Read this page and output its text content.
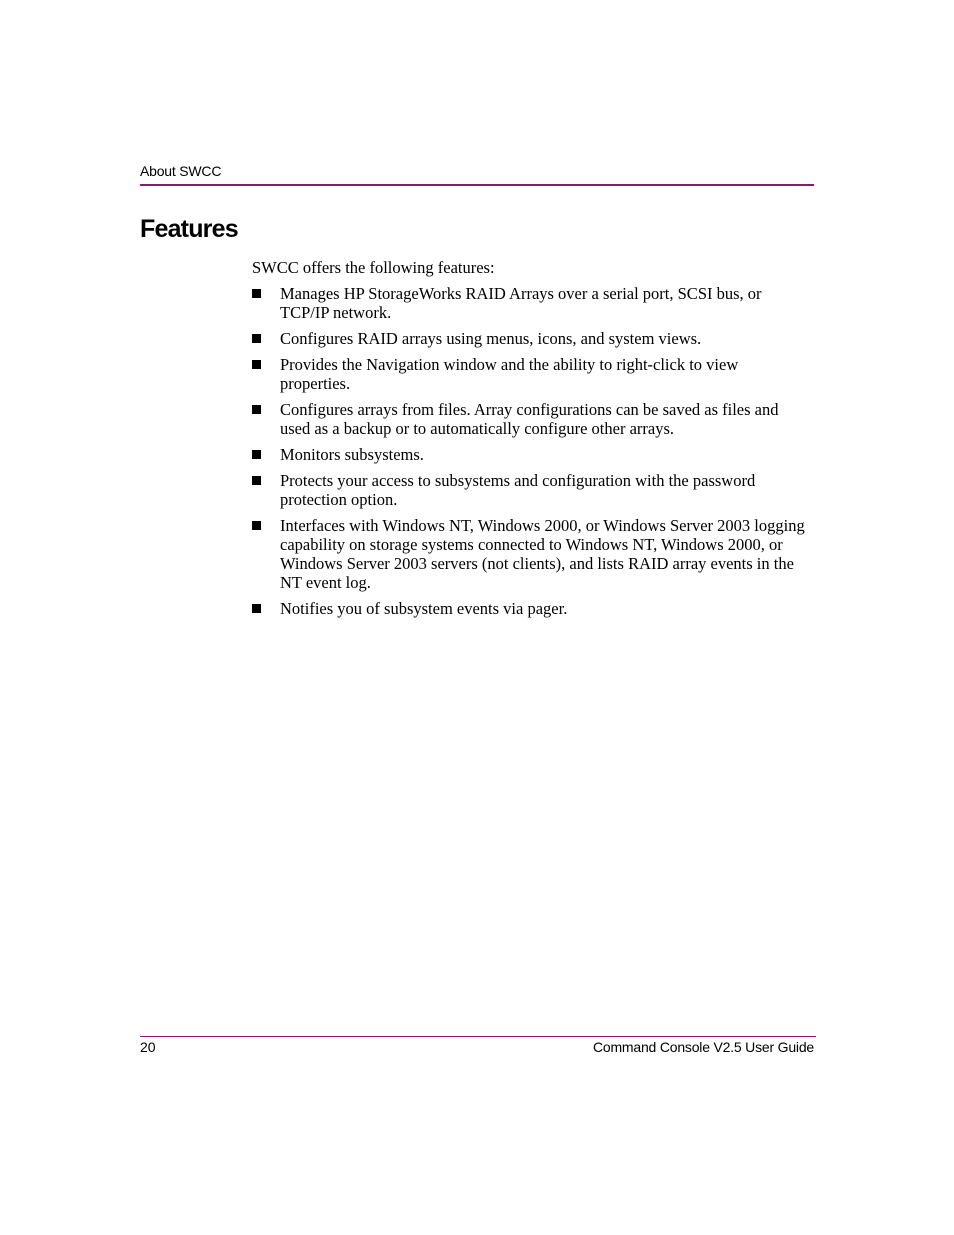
About SWCC
Features

SWCC offers the following features:

Manages HP StorageWorks RAID Arrays over a serial port, SCSI bus, or TCP/IP network.
Configures RAID arrays using menus, icons, and system views.
Provides the Navigation window and the ability to right-click to view properties.
Configures arrays from files. Array configurations can be saved as files and used as a backup or to automatically configure other arrays.
Monitors subsystems.
Protects your access to subsystems and configuration with the password protection option.
Interfaces with Windows NT, Windows 2000, or Windows Server 2003 logging capability on storage systems connected to Windows NT, Windows 2000, or Windows Server 2003 servers (not clients), and lists RAID array events in the NT event log.
Notifies you of subsystem events via pager.
20	Command Console V2.5 User Guide
